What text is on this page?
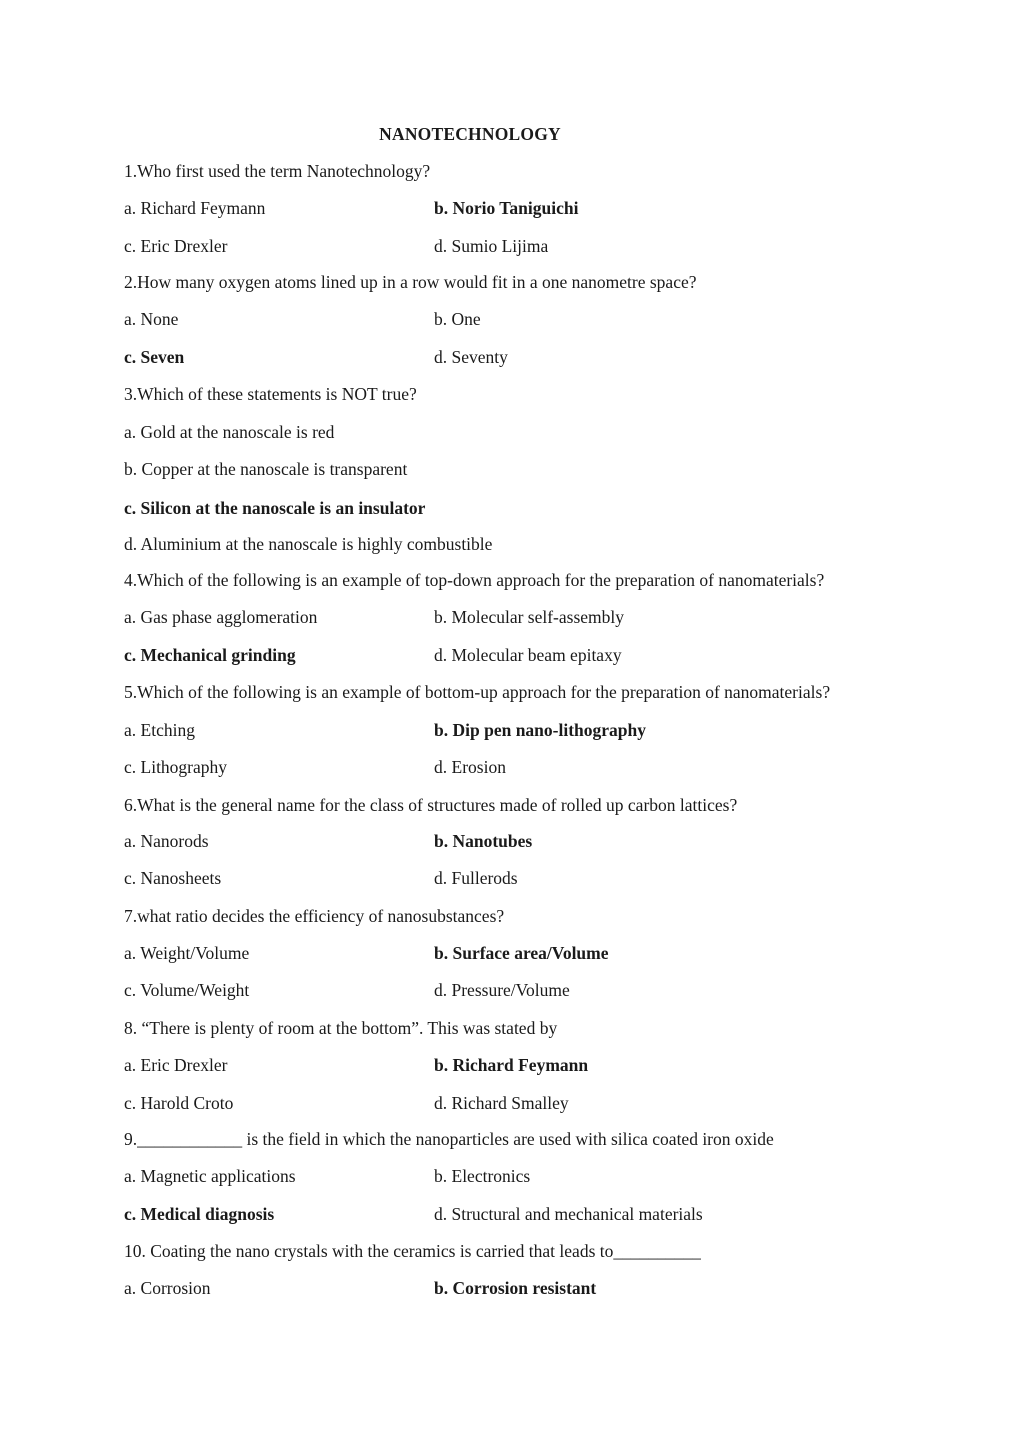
NANOTECHNOLOGY
1.Who first used the term Nanotechnology?
a. Richard Feymann	b. Norio Taniguichi
c. Eric Drexler	d. Sumio Lijima
2.How many oxygen atoms lined up in a row would fit in a one nanometre space?
a. None	b. One
c. Seven	d. Seventy
3.Which of these statements is NOT true?
a. Gold at the nanoscale is red
b. Copper at the nanoscale is transparent
c. Silicon at the nanoscale is an insulator
d. Aluminium at the nanoscale is highly combustible
4.Which of the following is an example of top-down approach for the preparation of nanomaterials?
a. Gas phase agglomeration	b. Molecular self-assembly
c. Mechanical grinding	d. Molecular beam epitaxy
5.Which of the following is an example of bottom-up approach for the preparation of nanomaterials?
a. Etching	b. Dip pen nano-lithography
c. Lithography	d. Erosion
6.What is the general name for the class of structures made of rolled up carbon lattices?
a. Nanorods	b. Nanotubes
c. Nanosheets	d. Fullerods
7.what ratio decides the efficiency of nanosubstances?
a. Weight/Volume	b. Surface area/Volume
c. Volume/Weight	d. Pressure/Volume
8. “There is plenty of room at the bottom”. This was stated by
a. Eric Drexler	b. Richard Feymann
c. Harold Croto	d. Richard Smalley
9.____________ is the field in which the nanoparticles are used with silica coated iron oxide
a. Magnetic applications	b. Electronics
c. Medical diagnosis	d. Structural and mechanical materials
10. Coating the nano crystals with the ceramics is carried that leads to__________
a. Corrosion	b. Corrosion resistant
